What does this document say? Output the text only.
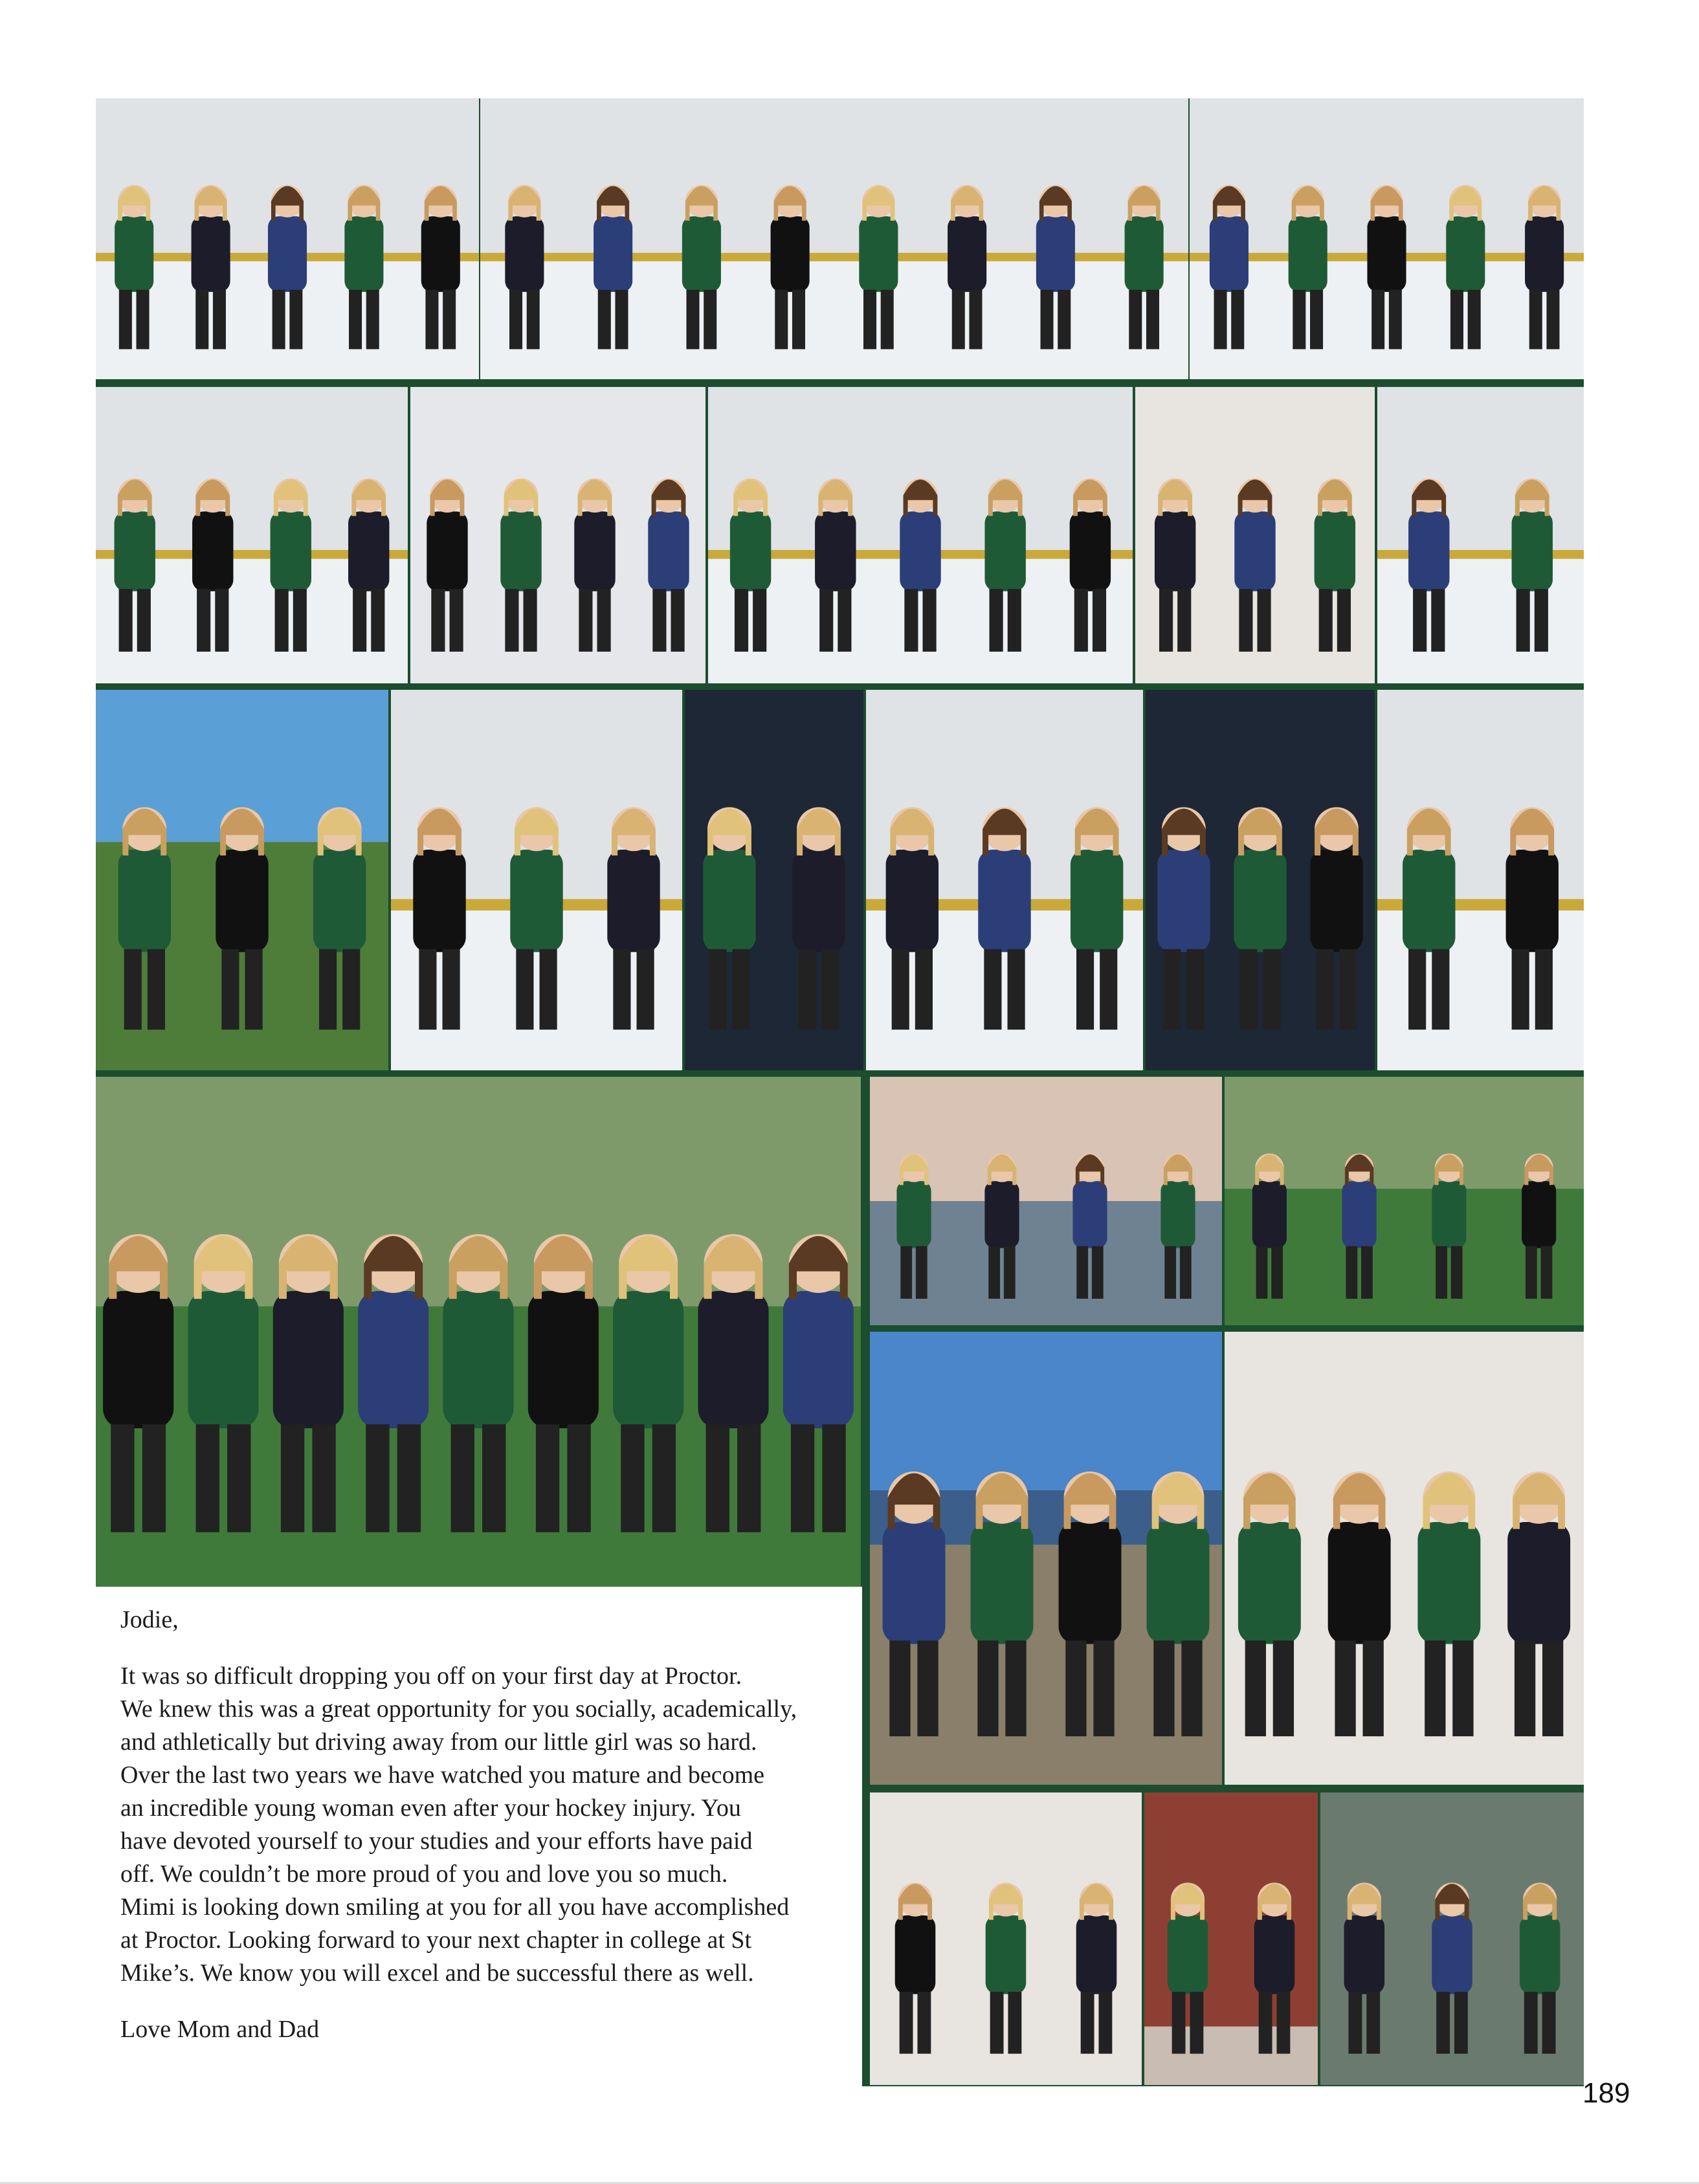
Jodie,

It was so difficult dropping you off on your first day at Proctor.
We knew this was a great opportunity for you socially, academically,
and athletically but driving away from our little girl was so hard.
Over the last two years we have watched you mature and become
an incredible young woman even after your hockey injury. You
have devoted yourself to your studies and your efforts have paid
off. We couldn’t be more proud of you and love you so much.
Mimi is looking down smiling at you for all you have accomplished
at Proctor. Looking forward to your next chapter in college at St
Mike’s. We know you will excel and be successful there as well.

Love Mom and Dad

189
